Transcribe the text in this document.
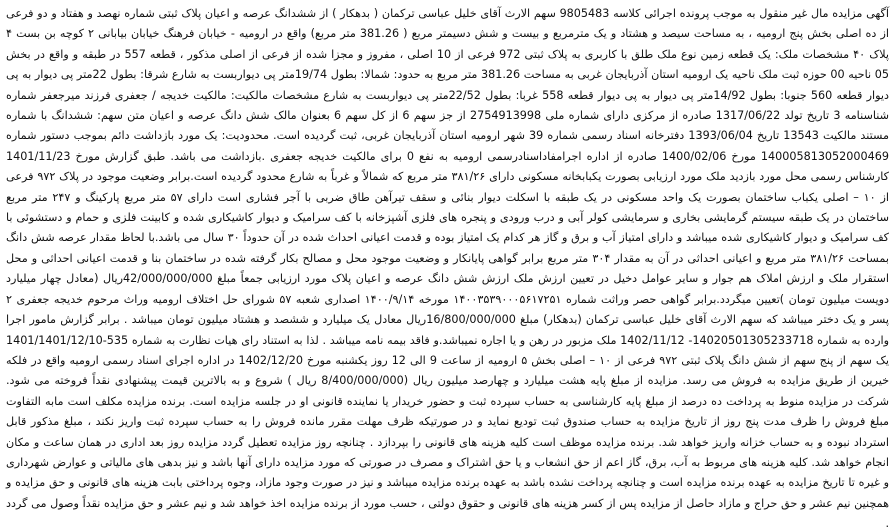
آگهی مزایده مال غیر منقول به موجب پرونده اجرائی کلاسه 9805483 سهم الارث آقای خلیل عباسی ترکمان ( بدهکار ) از ششدانگ عرصه و اعیان پلاک ثبتی شماره نهصد و هفتاد و دو فرعی از ده اصلی بخش پنج ارومیه ، به مساحت سیصد و هشتاد و یک مترمربع و بیست و شش دسیمتر مربع ( 381.26 متر مربع) واقع در ارومیه - خیابان فرهنگ خیابان بیابانی ۲ کوچه بن بست ۴ پلاک ۴۰ مشخصات ملک: یک قطعه زمین نوع ملک طلق با کاربری به پلاک ثبتی 972 فرعی از 10 اصلی ، مفروز و مجزا شده از فرعی از اصلی مذکور ، قطعه 557 در طبقه و واقع در بخش 05 ناحیه 00 حوزه ثبت ملک ناحیه یک ارومیه استان آذربایجان غربی به مساحت 381.26 متر مربع به حدود: شمالا: بطول 19/74متر پی دیواربست به شارع شرقا: بطول 22متر پی دیوار به پی دیوار قطعه 560 جنوبا: بطول 14/92متر پی دیوار به پی دیوار قطعه 558 غربا: بطول 22/52متر پی دیواربست به شارع مشخصات مالکیت: مالکیت خدیجه / جعفری فرزند میرجعفر شماره شناسنامه 3 تاریخ تولد 1317/06/22 صادره از مرکزی دارای شماره ملی 2754913998 از جز سهم 6 از کل سهم 6 بعنوان مالک شش دانگ عرصه و اعیان متن سهم: ششدانگ با شماره مستند مالکیت 13543 تاریخ 1393/06/04 دفترخانه اسناد رسمی شماره 39 شهر ارومیه استان آذربایجان غربی، ثبت گردیده است. محدودیت: یک مورد بازداشت دائم بموجب دستور شماره 140005813052000469 مورخ 1400/02/06 صادره از اداره اجرامفاداسنادرسمی ارومیه به نفع 0 برای مالکیت خدیجه جعفری .بازداشت می باشد. طبق گزارش مورخ 1401/11/23 کارشناس رسمی محل مورد بازدید ملک مورد ارزیابی بصورت یکبابخانه مسکونی دارای ۳۸۱/۲۶ متر مربع که شمالاً و غرباً به شارع محدود گردیده است.برابر وضعیت موجود در پلاک ۹۷۲ فرعی از ۱۰ – اصلی یکباب ساختمان بصورت یک واحد مسکونی در یک طبقه با اسکلت دیوار بنائی و سقف تیرآهن طاق ضربی با آجر فشاری است دارای ۵۷ متر مربع پارکینگ و ۲۴۷ متر مربع ساختمان در یک طبقه سیستم گرمایشی بخاری و سرمایشی کولر آبی و درب ورودی و پنجره های فلزی آشپزخانه با کف سرامیک و دیوار کاشیکاری شده و کابینت فلزی و حمام و دستشوئی با کف سرامیک و دیوار کاشیکاری شده میباشد و دارای امتیاز آب و برق و گاز هر کدام یک امتیاز بوده و قدمت اعیانی احداث شده در آن حدوداً ۳۰ سال می باشد.با لحاظ مقدار عرصه شش دانگ بمساحت ۳۸۱/۲۶ متر مربع و اعیانی احداثی در آن به مقدار ۳۰۴ متر مربع برابر گواهی پایانکار و وضعیت موجود محل و مصالح بکار گرفته شده در ساختمان بنا و قدمت اعیانی احداثی و محل استقرار ملک و ارزش املاک هم جوار و سایر عوامل دخیل در تعیین ارزش ملک ارزش شش دانگ عرصه و اعیان پلاک مورد ارزیابی جمعاً مبلغ 42/000/000/000ریال (معادل چهار میلیارد دویست میلیون تومان )تعیین میگردد.برابر گواهی حصر وراثت شماره ۱۴۰۰۳۵۳۹۰۰۰۵۶۱۷۲۵۱ مورخه ۱۴۰۰/۹/۱۴ اصداری شعبه ۵۷ شورای حل اختلاف ارومیه وراث مرحوم خدیجه جعفری ۲ پسر و یک دختر میباشد که سهم الارث آقای خلیل عباسی ترکمان (بدهکار) مبلغ 16/800/000/000ریال معادل یک میلیارد و ششصد و هشتاد میلیون تومان میباشد . برابر گزارش مامور اجرا وارده به شماره 14020501305233718- 1402/11/12 ملک مزبور در رهن و یا اجاره نمیباشد.و فاقد بیمه نامه میباشد . لذا به استناد رای هیات نظارت به شماره 535-1401/1401/12/10 یک سهم از پنج سهم از شش دانگ پلاک ثبتی ۹۷۲ فرعی از ۱۰ – اصلی بخش ۵ ارومیه از ساعت 9 الی 12 روز یکشنبه مورخ 1402/12/20 در اداره اجرای اسناد رسمی ارومیه واقع در فلکه خیرین از طریق مزایده به فروش می رسد. مزایده از مبلغ پایه هشت میلیارد و چهارصد میلیون ریال (8/400/000/000 ریال ) شروع و به بالاترین قیمت پیشنهادی نقداً فروخته می شود. شرکت در مزایده منوط به پرداخت ده درصد از مبلغ پایه کارشناسی به حساب سپرده ثبت و حضور خریدار یا نماینده قانونی او در جلسه مزایده است. برنده مزایده مکلف است مابه التفاوت مبلغ فروش را ظرف مدت پنج روز از تاریخ مزایده به حساب صندوق ثبت تودیع نماید و در صورتیکه ظرف مهلت مقرر مانده فروش را به حساب سپرده ثبت واریز نکند ، مبلغ مذکور قابل استرداد نبوده و به حساب خزانه واریز خواهد شد. برنده مزایده موظف است کلیه هزینه های قانونی را بپردازد . چنانچه روز مزایده تعطیل گردد مزایده روز بعد اداری در همان ساعت و مکان انجام خواهد شد. کلیه هزینه های مربوط به آب، برق، گاز اعم از حق انشعاب و یا حق اشتراک و مصرف در صورتی که مورد مزایده دارای آنها باشد و نیز بدهی های مالیاتی و عوارض شهرداری و غیره تا تاریخ مزایده به عهده برنده مزایده است و چنانچه پرداخت نشده باشد به عهده برنده مزایده میباشد و نیز در صورت وجود مازاد، وجوه پرداختی بابت هزینه های قانونی و حق مزایده و همچنین نیم عشر و حق حراج و مازاد حاصل از مزایده پس از کسر هزینه های قانونی و حقوق دولتی ، حسب مورد از برنده مزایده اخذ خواهد شد و نیم عشر و حق مزایده نقداً وصول می گردد .
